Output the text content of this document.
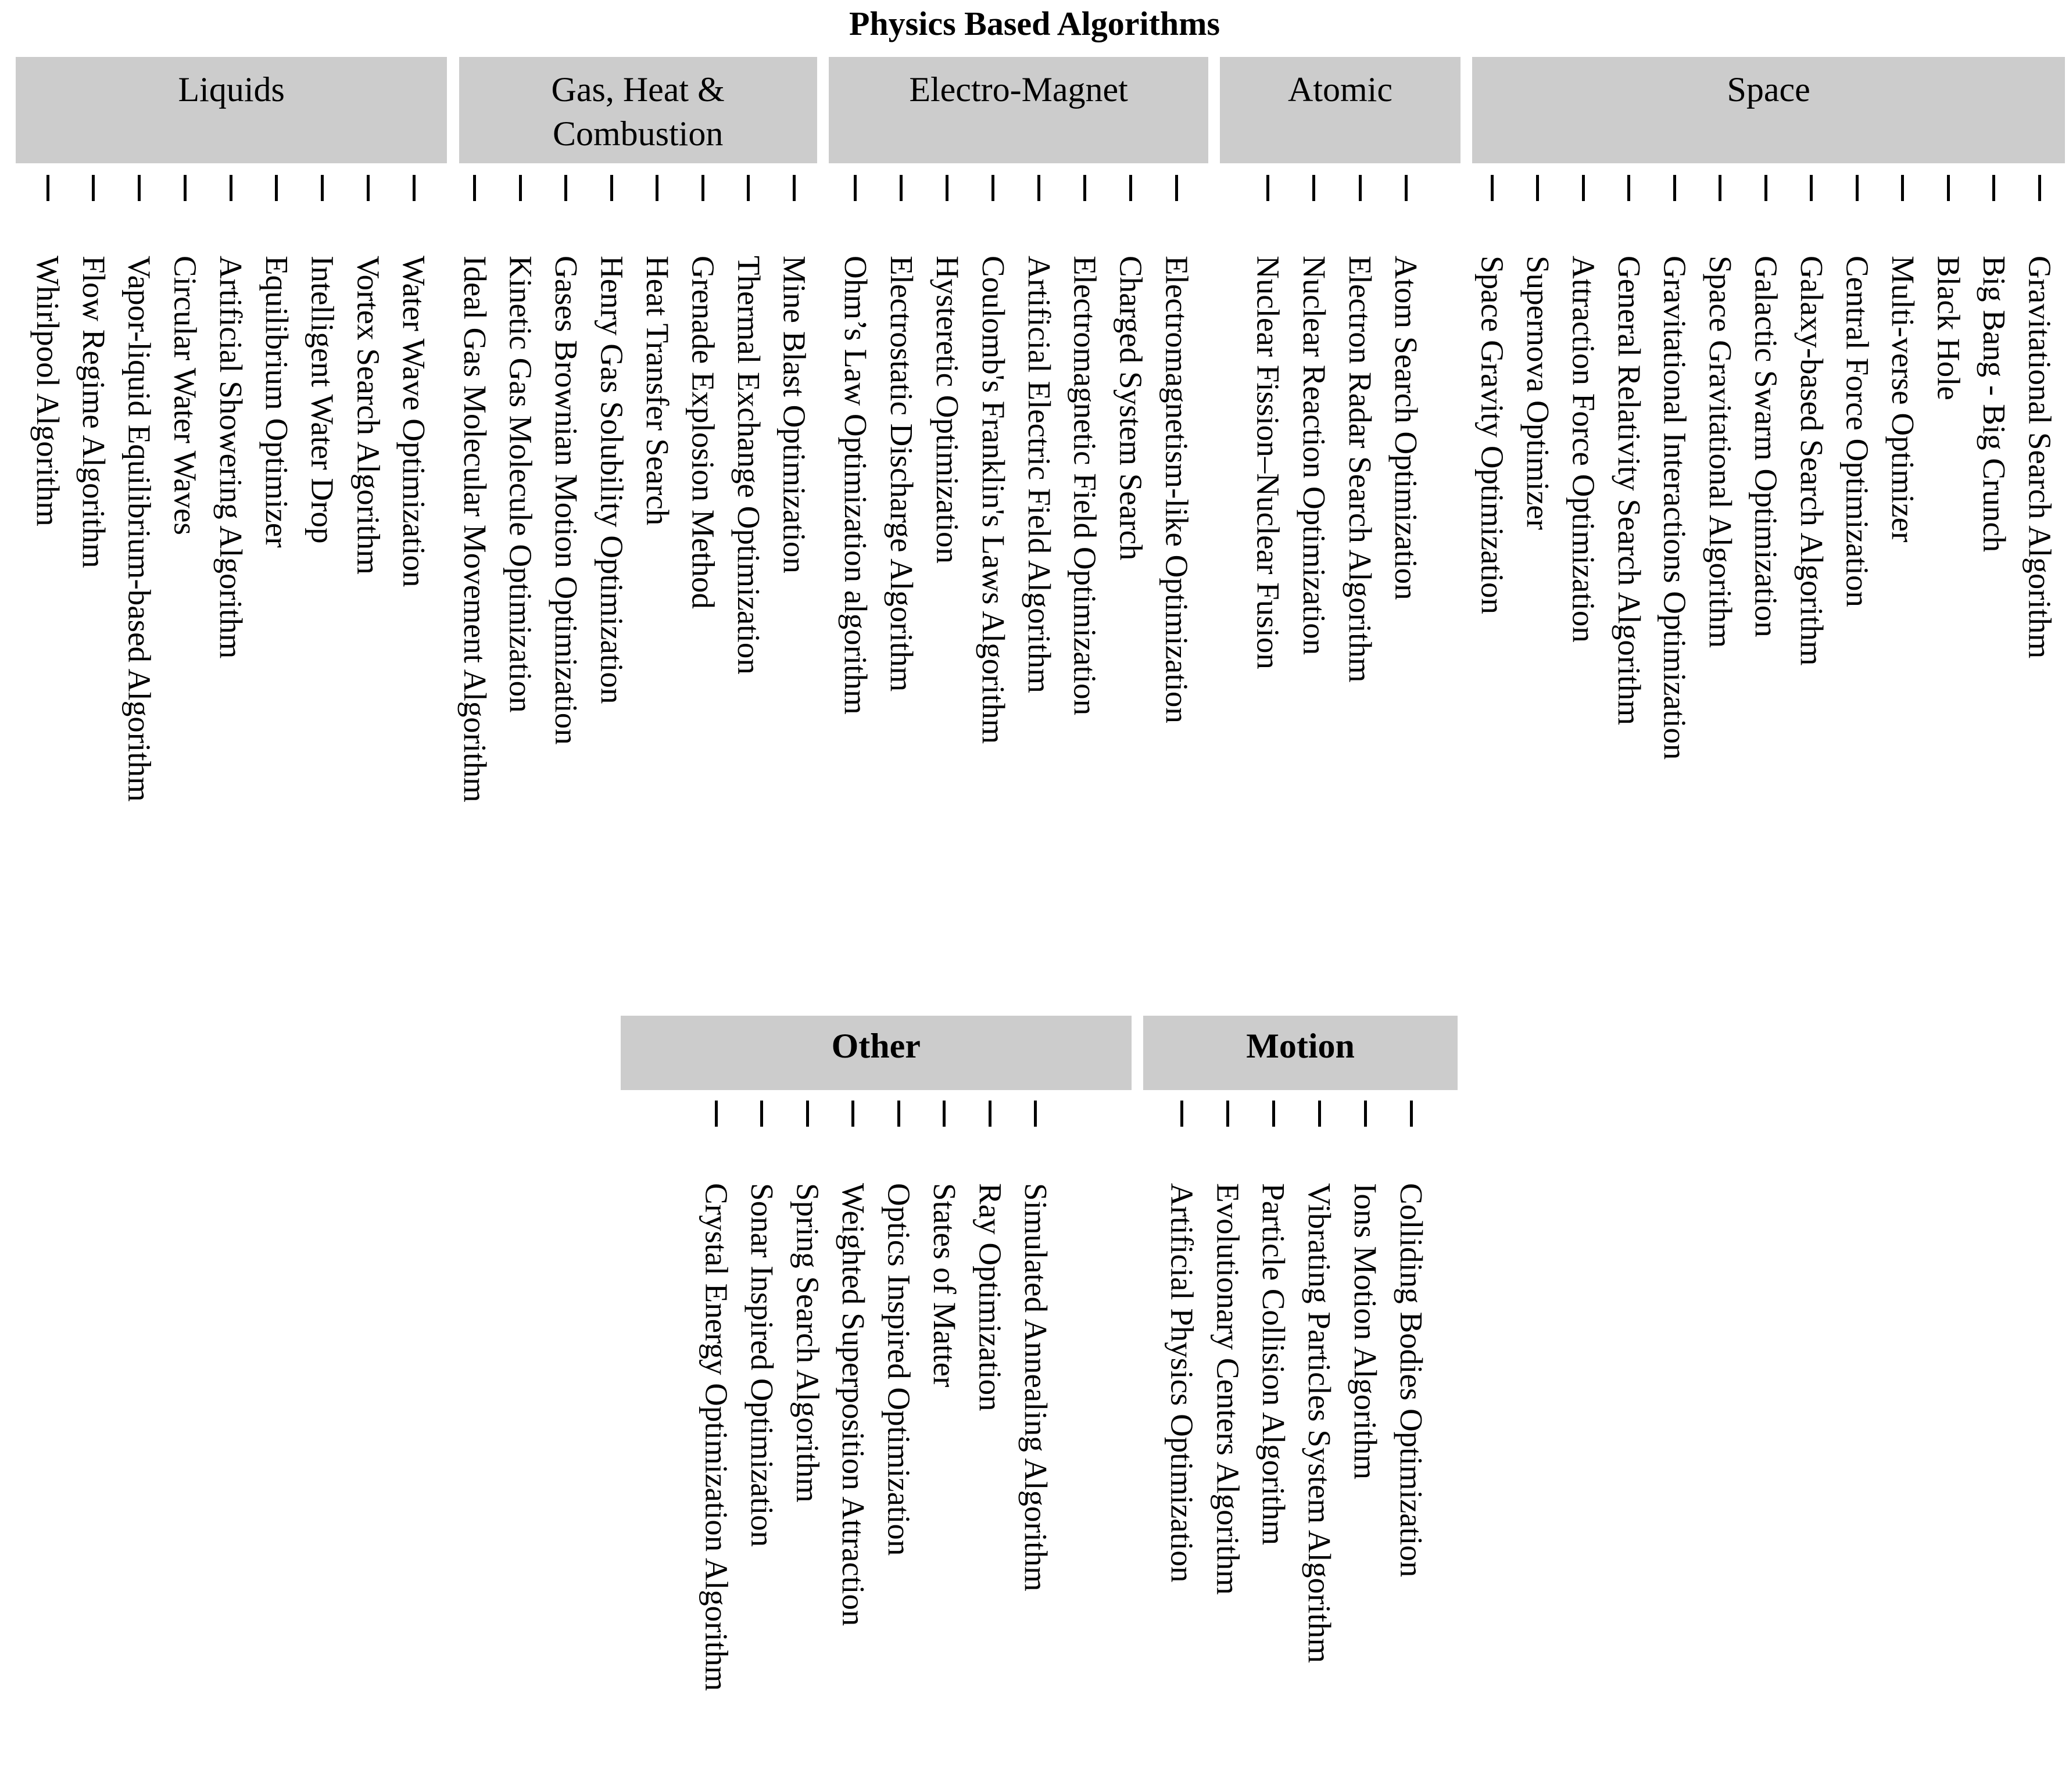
Physics Based Algorithms
Liquids
Whirlpool Algorithm Flow Regime Algorithm Vapor-liquid Equilibrium-based Algorithm Circular Water Waves Artificial Showering Algorithm Equilibrium Optimizer Intelligent Water Drop Vortex Search Algorithm Water Wave Optimization
Gas, Heat &
Combustion
Ideal Gas Molecular Movement Algorithm Kinetic Gas Molecule Optimization Gases Brownian Motion Optimization Henry Gas Solubility Optimization Heat Transfer Search Grenade Explosion Method Thermal Exchange Optimization Mine Blast Optimization
Electro-Magnet
Ohm’s Law Optimization algorithm Electrostatic Discharge Algorithm Hysteretic Optimization Coulomb's Franklin's Laws Algorithm Artificial Electric Field Algorithm Electromagnetic Field Optimization Charged System Search Electromagnetism-like Optimization
Atomic
Nuclear Fission–Nuclear Fusion Nuclear Reaction Optimization Electron Radar Search Algorithm Atom Search Optimization
Space
Space Gravity Optimization Supernova Optimizer Attraction Force Optimization General Relativity Search Algorithm Gravitational Interactions Optimization Space Gravitational Algorithm Galactic Swarm Optimization Galaxy-based Search Algorithm Central Force Optimization Multi-verse Optimizer Black Hole Big Bang - Big Crunch Gravitational Search Algorithm
Other
Crystal Energy Optimization Algorithm Sonar Inspired Optimization Spring Search Algorithm Weighted Superposition Attraction Optics Inspired Optimization States of Matter Ray Optimization Simulated Annealing Algorithm
Motion
Artificial Physics Optimization Evolutionary Centers Algorithm Particle Collision Algorithm Vibrating Particles System Algorithm Ions Motion Algorithm Colliding Bodies Optimization
